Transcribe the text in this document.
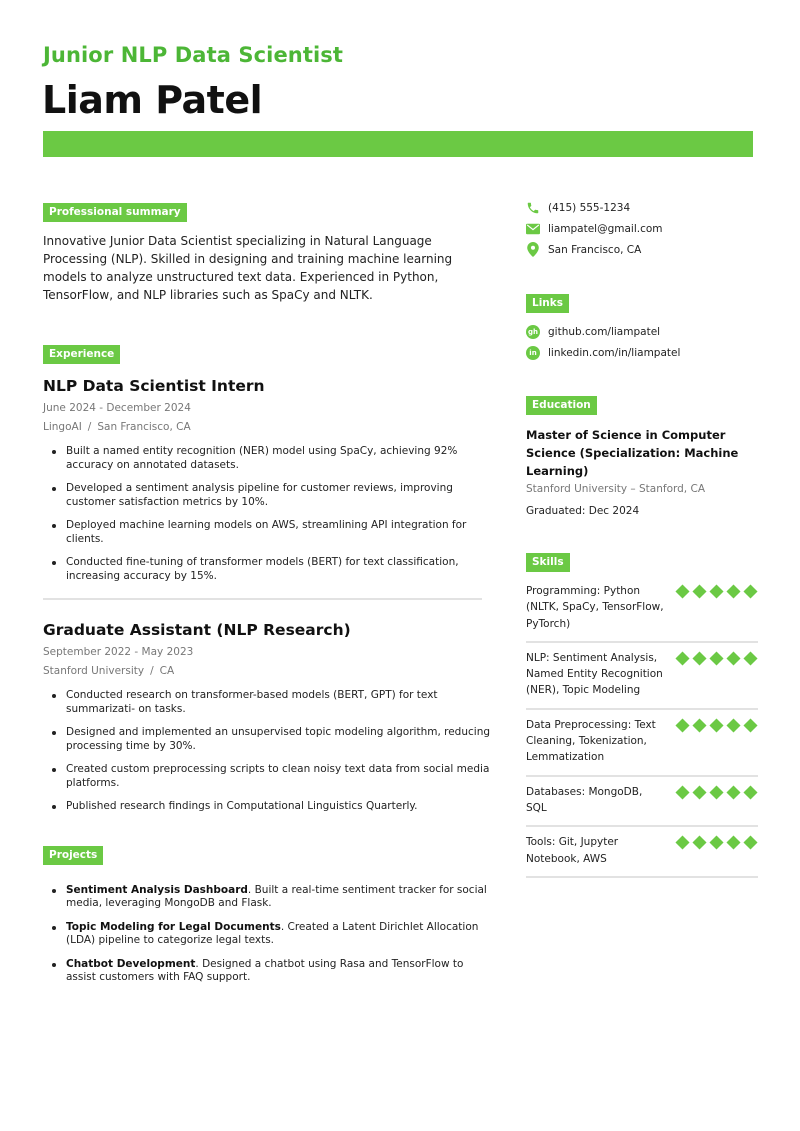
Junior NLP Data Scientist
Liam Patel
Professional summary

Innovative Junior Data Scientist specializing in Natural Language Processing (NLP). Skilled in designing and training machine learning models to analyze unstructured text data. Experienced in Python, TensorFlow, and NLP libraries such as SpaCy and NLTK.

Experience
NLP Data Scientist Intern
June 2024 - December 2024
LingoAI / San Francisco, CA
Built a named entity recognition (NER) model using SpaCy, achieving 92% accuracy on annotated datasets.
Developed a sentiment analysis pipeline for customer reviews, improving customer satisfaction metrics by 10%.
Deployed machine learning models on AWS, streamlining API integration for clients.
Conducted fine-tuning of transformer models (BERT) for text classification, increasing accuracy by 15%.
Graduate Assistant (NLP Research)
September 2022 - May 2023
Stanford University / CA
Conducted research on transformer-based models (BERT, GPT) for text summarizati- on tasks.
Designed and implemented an unsupervised topic modeling algorithm, reducing processing time by 30%.
Created custom preprocessing scripts to clean noisy text data from social media platforms.
Published research findings in Computational Linguistics Quarterly.
Projects
Sentiment Analysis Dashboard. Built a real-time sentiment tracker for social media, leveraging MongoDB and Flask.
Topic Modeling for Legal Documents. Created a Latent Dirichlet Allocation (LDA) pipeline to categorize legal texts.
Chatbot Development. Designed a chatbot using Rasa and TensorFlow to assist customers with FAQ support.
(415) 555-1234
liampatel@gmail.com
San Francisco, CA
Links
gh github.com/liampatel
in	linkedin.com/in/liampatel
Education
Master of Science in Computer Science (Specialization: Machine Learning)
Stanford University – Stanford, CA
Graduated: Dec 2024
Skills
Programming: Python (NLTK, SpaCy, TensorFlow, PyTorch)
NLP: Sentiment Analysis, Named Entity Recognition (NER), Topic Modeling
Data Preprocessing: Text Cleaning, Tokenization, Lemmatization
Databases: MongoDB, SQL
Tools: Git, Jupyter Notebook, AWS
